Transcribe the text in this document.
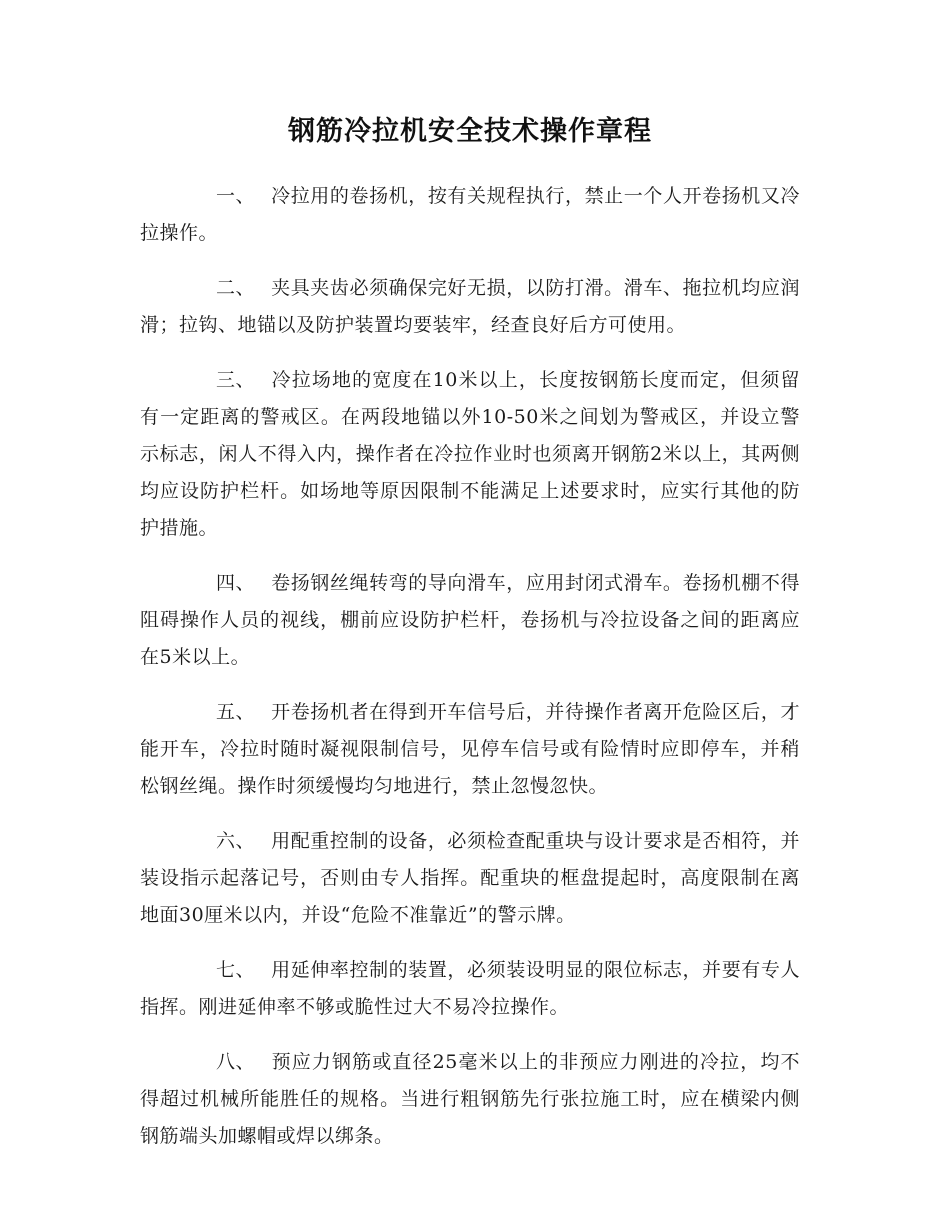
钢筋冷拉机安全技术操作章程

一、 冷拉用的卷扬机，按有关规程执行，禁止一个人开卷扬机又冷拉操作。

二、 夹具夹齿必须确保完好无损，以防打滑。滑车、拖拉机均应润滑；拉钩、地锚以及防护装置均要装牢，经查良好后方可使用。

三、 冷拉场地的宽度在10米以上，长度按钢筋长度而定，但须留有一定距离的警戒区。在两段地锚以外10-50米之间划为警戒区，并设立警示标志，闲人不得入内，操作者在冷拉作业时也须离开钢筋2米以上，其两侧均应设防护栏杆。如场地等原因限制不能满足上述要求时，应实行其他的防护措施。

四、 卷扬钢丝绳转弯的导向滑车，应用封闭式滑车。卷扬机棚不得阻碍操作人员的视线，棚前应设防护栏杆，卷扬机与冷拉设备之间的距离应在5米以上。

五、 开卷扬机者在得到开车信号后，并待操作者离开危险区后，才能开车，冷拉时随时凝视限制信号，见停车信号或有险情时应即停车，并稍松钢丝绳。操作时须缓慢均匀地进行，禁止忽慢忽快。

六、 用配重控制的设备，必须检查配重块与设计要求是否相符，并装设指示起落记号，否则由专人指挥。配重块的框盘提起时，高度限制在离地面30厘米以内，并设“危险不准靠近”的警示牌。

七、 用延伸率控制的装置，必须装设明显的限位标志，并要有专人指挥。刚进延伸率不够或脆性过大不易冷拉操作。

八、 预应力钢筋或直径25毫米以上的非预应力刚进的冷拉，均不得超过机械所能胜任的规格。当进行粗钢筋先行张拉施工时，应在横梁内侧钢筋端头加螺帽或焊以绑条。
